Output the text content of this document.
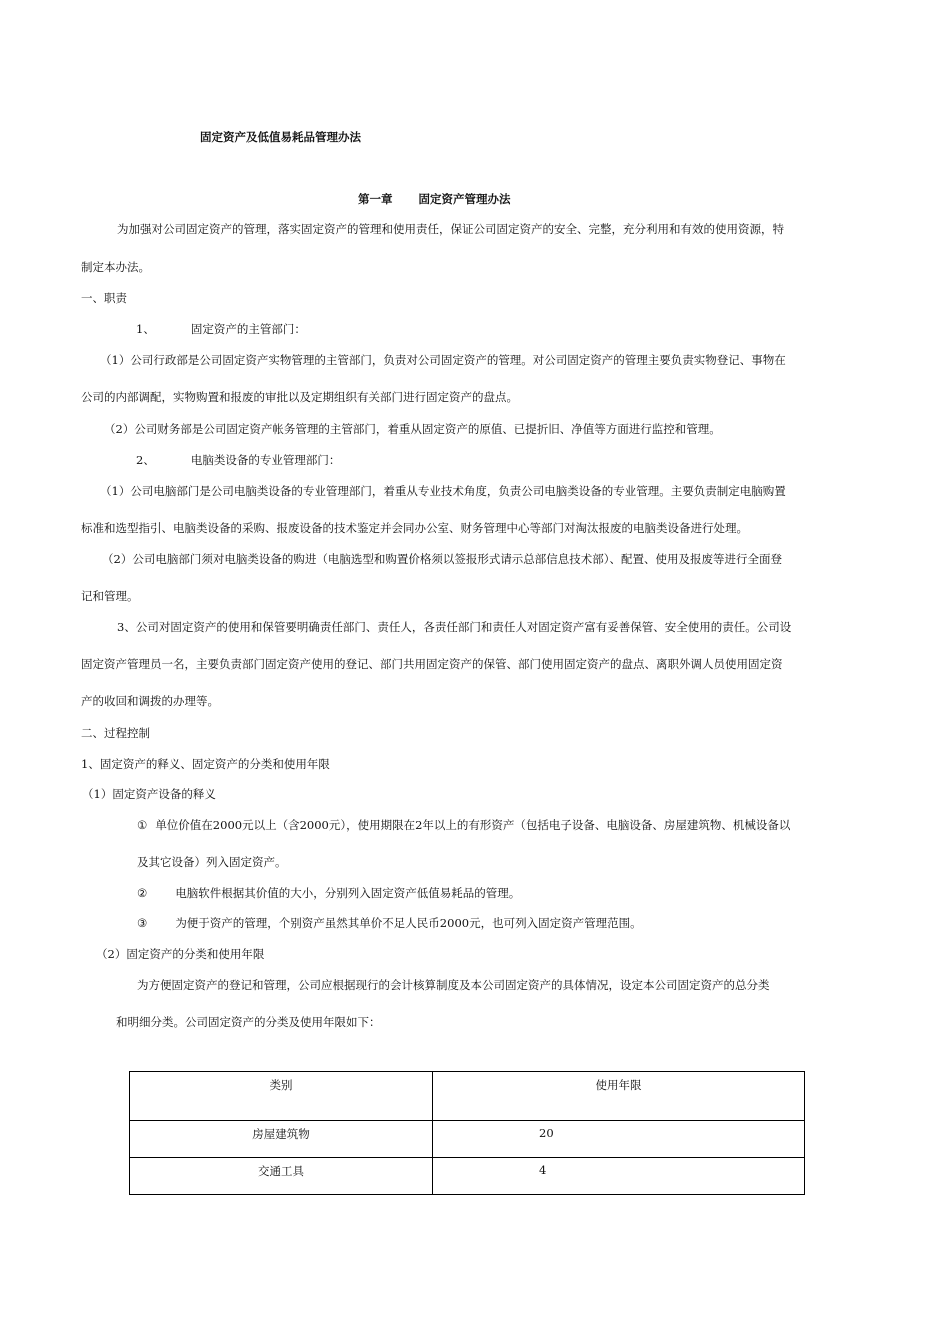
固定资产及低值易耗品管理办法
第一章 固定资产管理办法
为加强对公司固定资产的管理，落实固定资产的管理和使用责任，保证公司固定资产的安全、完整，充分利用和有效的使用资源，特
制定本办法。
一、职责
1、	固定资产的主管部门：
（1）公司行政部是公司固定资产实物管理的主管部门，负责对公司固定资产的管理。对公司固定资产的管理主要负责实物登记、事物在
公司的内部调配，实物购置和报废的审批以及定期组织有关部门进行固定资产的盘点。
（2）公司财务部是公司固定资产帐务管理的主管部门，着重从固定资产的原值、已提折旧、净值等方面进行监控和管理。
2、	电脑类设备的专业管理部门：
（1）公司电脑部门是公司电脑类设备的专业管理部门，着重从专业技术角度，负责公司电脑类设备的专业管理。主要负责制定电脑购置
标准和选型指引、电脑类设备的采购、报废设备的技术鉴定并会同办公室、财务管理中心等部门对淘汰报废的电脑类设备进行处理。
（2）公司电脑部门须对电脑类设备的购进（电脑选型和购置价格须以签报形式请示总部信息技术部）、配置、使用及报废等进行全面登
记和管理。
3、公司对固定资产的使用和保管要明确责任部门、责任人，各责任部门和责任人对固定资产富有妥善保管、安全使用的责任。公司设
固定资产管理员一名，主要负责部门固定资产使用的登记、部门共用固定资产的保管、部门使用固定资产的盘点、离职外调人员使用固定资
产的收回和调拨的办理等。
二、过程控制
1、固定资产的释义、固定资产的分类和使用年限
（1）固定资产设备的释义
① 单位价值在2000元以上（含2000元），使用期限在2年以上的有形资产（包括电子设备、电脑设备、房屋建筑物、机械设备以
及其它设备）列入固定资产。
② 电脑软件根据其价值的大小，分别列入固定资产低值易耗品的管理。
③ 为便于资产的管理，个别资产虽然其单价不足人民币2000元，也可列入固定资产管理范围。
（2）固定资产的分类和使用年限
为方便固定资产的登记和管理，公司应根据现行的会计核算制度及本公司固定资产的具体情况，设定本公司固定资产的总分类
和明细分类。公司固定资产的分类及使用年限如下：
类别	使用年限
房屋建筑物	20
交通工具	4
